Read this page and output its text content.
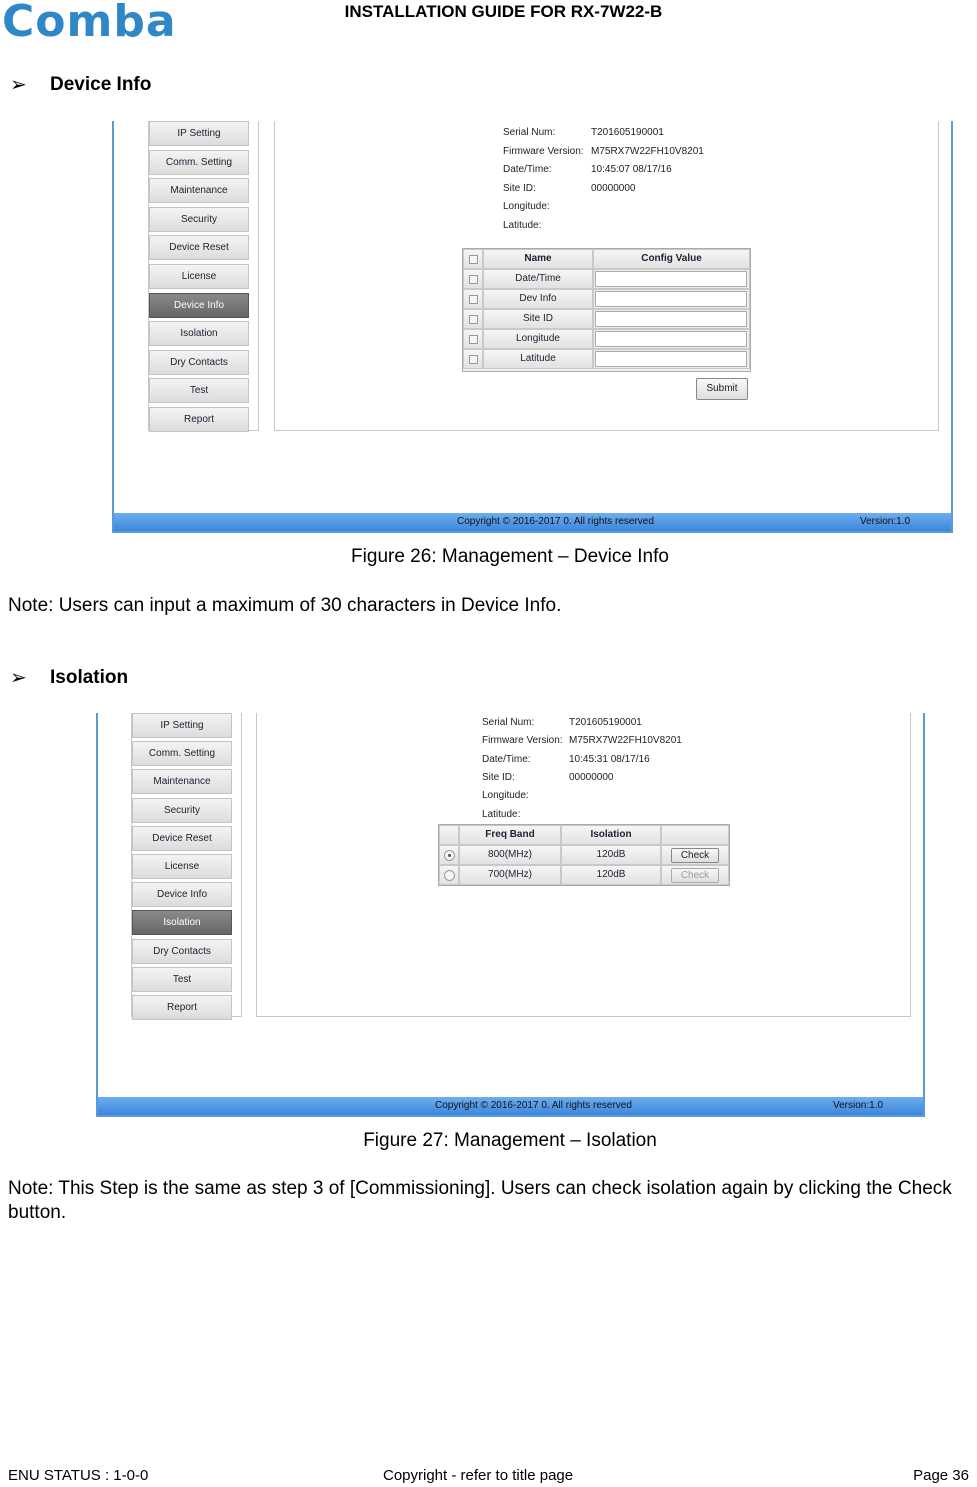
Comba	INSTALLATION GUIDE FOR RX-7W22-B
➢	Device Info
IP Setting
Comm. Setting
Maintenance
Security
Device Reset
License
Device Info
Isolation
Dry Contacts
Test
Report
Serial Num:	T201605190001
Firmware Version: M75RX7W22FH10V8201
Date/Time:	10:45:07 08/17/16
Site ID:	00000000
Longitude:
Latitude:
Name	Config Value
Date/Time
Dev Info
Site ID
Longitude
Latitude
Submit
Copyright © 2016-2017 0. All rights reserved	Version:1.0
Figure 26: Management – Device Info
Note: Users can input a maximum of 30 characters in Device Info.
➢	Isolation
IP Setting
Comm. Setting
Maintenance
Security
Device Reset
License
Device Info
Isolation
Dry Contacts
Test
Report
Serial Num:	T201605190001
Firmware Version: M75RX7W22FH10V8201
Date/Time:	10:45:31 08/17/16
Site ID:	00000000
Longitude:
Latitude:
Freq Band	Isolation
800(MHz)	120dB	Check
700(MHz)	120dB	Check
Copyright © 2016-2017 0. All rights reserved	Version:1.0
Figure 27: Management – Isolation
Note: This Step is the same as step 3 of [Commissioning]. Users can check isolation again by clicking the Check button.
ENU STATUS : 1-0-0	Copyright - refer to title page	Page 36
